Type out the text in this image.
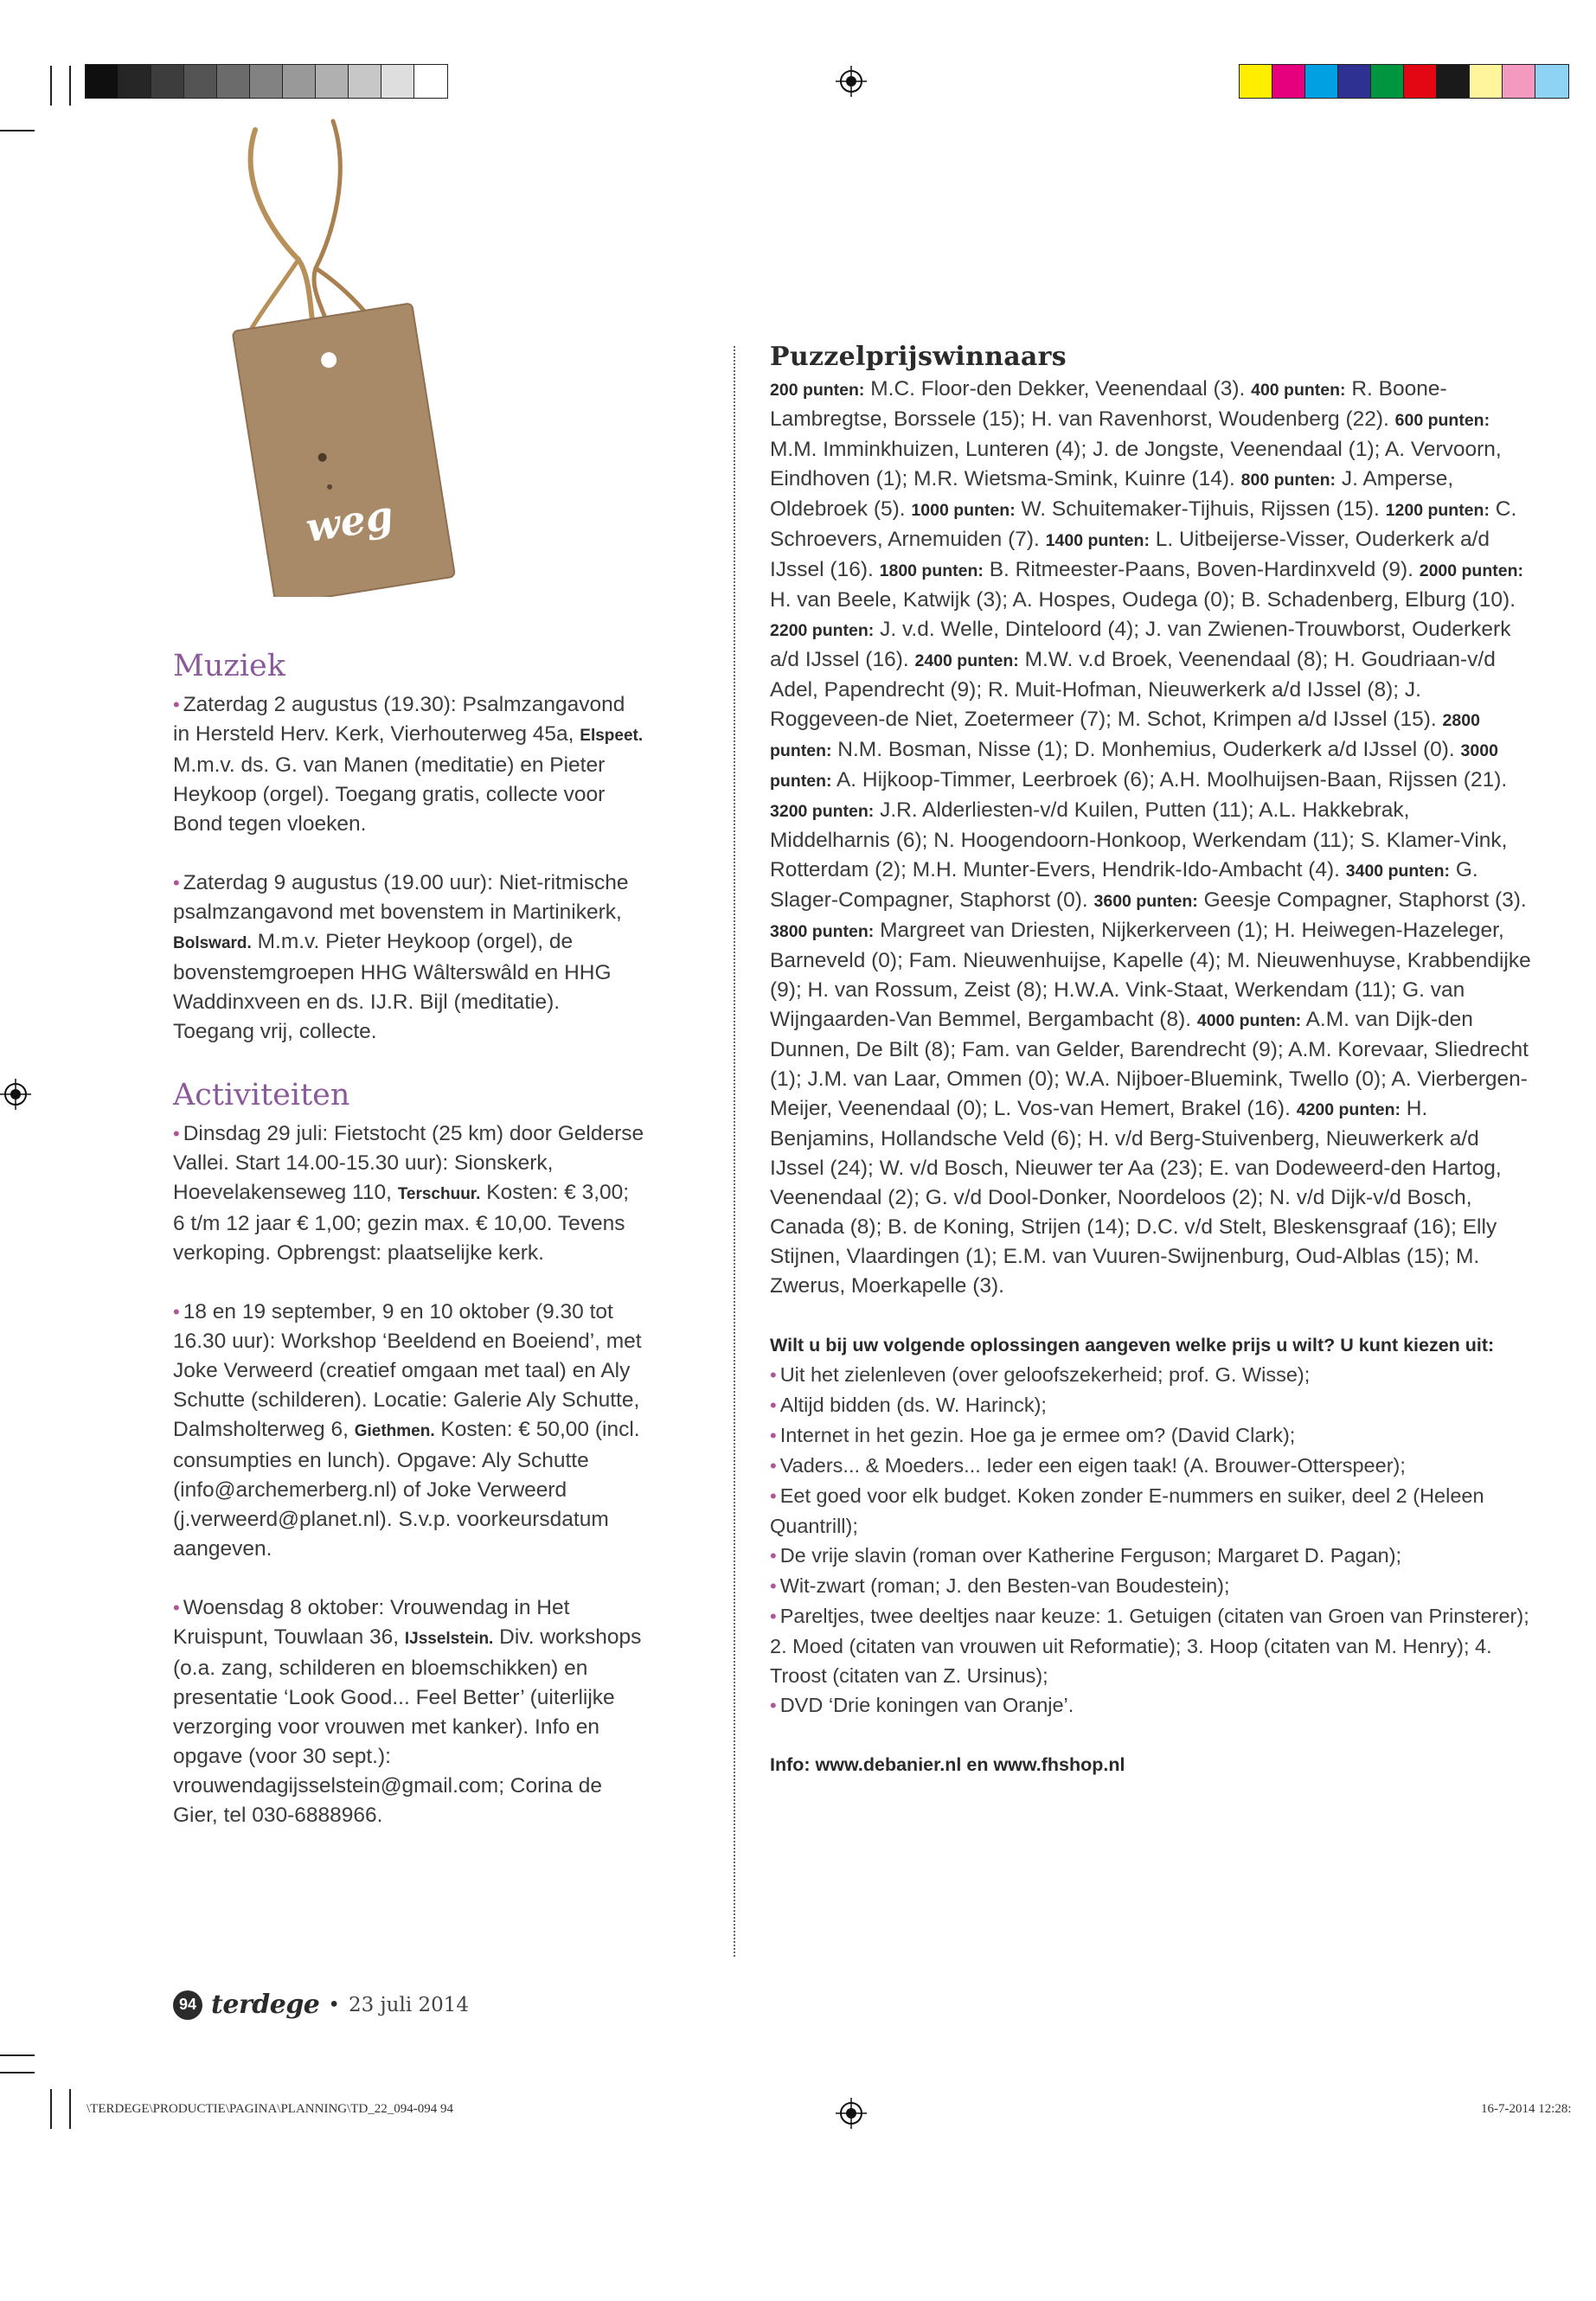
weg
Muziek

• Zaterdag 2 augustus (19.30): Psalmzangavond in Hersteld Herv. Kerk, Vierhouterweg 45a, Elspeet. M.m.v. ds. G. van Manen (meditatie) en Pieter Heykoop (orgel). Toegang gratis, collecte voor Bond tegen vloeken.

• Zaterdag 9 augustus (19.00 uur): Niet-ritmische psalmzangavond met bovenstem in Martinikerk, Bolsward. M.m.v. Pieter Heykoop (orgel), de bovenstemgroepen HHG Wâlterswâld en HHG Waddinxveen en ds. IJ.R. Bijl (meditatie). Toegang vrij, collecte.

Activiteiten

• Dinsdag 29 juli: Fietstocht (25 km) door Gelderse Vallei. Start 14.00-15.30 uur): Sionskerk, Hoevelakenseweg 110, Terschuur. Kosten: € 3,00; 6 t/m 12 jaar € 1,00; gezin max. € 10,00. Tevens verkoping. Opbrengst: plaatselijke kerk.

• 18 en 19 september, 9 en 10 oktober (9.30 tot 16.30 uur): Workshop ‘Beeldend en Boeiend’, met Joke Verweerd (creatief omgaan met taal) en Aly Schutte (schilderen). Locatie: Galerie Aly Schutte, Dalmsholterweg 6, Giethmen. Kosten: € 50,00 (incl. consumpties en lunch). Opgave: Aly Schutte (info@archemerberg.nl) of Joke Verweerd (j.verweerd@planet.nl). S.v.p. voorkeursdatum aangeven.

• Woensdag 8 oktober: Vrouwendag in Het Kruispunt, Touwlaan 36, IJsselstein. Div. workshops (o.a. zang, schilderen en bloemschikken) en presentatie ‘Look Good... Feel Better’ (uiterlijke verzorging voor vrouwen met kanker). Info en opgave (voor 30 sept.): vrouwendagijsselstein@gmail.com; Corina de Gier, tel 030-6888966.

Puzzelprijswinnaars
200 punten: M.C. Floor-den Dekker, Veenendaal (3). 400 punten: R. Boone-Lambregtse, Borssele (15); H. van Ravenhorst, Woudenberg (22). 600 punten: M.M. Imminkhuizen, Lunteren (4); J. de Jongste, Veenendaal (1); A. Vervoorn, Eindhoven (1); M.R. Wietsma-Smink, Kuinre (14). 800 punten: J. Amperse, Oldebroek (5). 1000 punten: W. Schuitemaker-Tijhuis, Rijssen (15). 1200 punten: C. Schroevers, Arnemuiden (7). 1400 punten: L. Uitbeijerse-Visser, Ouderkerk a/d IJssel (16). 1800 punten: B. Ritmeester-Paans, Boven-Hardinxveld (9). 2000 punten: H. van Beele, Katwijk (3); A. Hospes, Oudega (0); B. Schadenberg, Elburg (10). 2200 punten: J. v.d. Welle, Dinteloord (4); J. van Zwienen-Trouwborst, Ouderkerk a/d IJssel (16). 2400 punten: M.W. v.d Broek, Veenendaal (8); H. Goudriaan-v/d Adel, Papendrecht (9); R. Muit-Hofman, Nieuwerkerk a/d IJssel (8); J. Roggeveen-de Niet, Zoetermeer (7); M. Schot, Krimpen a/d IJssel (15). 2800 punten: N.M. Bosman, Nisse (1); D. Monhemius, Ouderkerk a/d IJssel (0). 3000 punten: A. Hijkoop-Timmer, Leerbroek (6); A.H. Moolhuijsen-Baan, Rijssen (21). 3200 punten: J.R. Alderliesten-v/d Kuilen, Putten (11); A.L. Hakkebrak, Middelharnis (6); N. Hoogendoorn-Honkoop, Werkendam (11); S. Klamer-Vink, Rotterdam (2); M.H. Munter-Evers, Hendrik-Ido-Ambacht (4). 3400 punten: G. Slager-Compagner, Staphorst (0). 3600 punten: Geesje Compagner, Staphorst (3). 3800 punten: Margreet van Driesten, Nijkerkerveen (1); H. Heiwegen-Hazeleger, Barneveld (0); Fam. Nieuwenhuijse, Kapelle (4); M. Nieuwenhuyse, Krabbendijke (9); H. van Rossum, Zeist (8); H.W.A. Vink-Staat, Werkendam (11); G. van Wijngaarden-Van Bemmel, Bergambacht (8). 4000 punten: A.M. van Dijk-den Dunnen, De Bilt (8); Fam. van Gelder, Barendrecht (9); A.M. Korevaar, Sliedrecht (1); J.M. van Laar, Ommen (0); W.A. Nijboer-Bluemink, Twello (0); A. Vierbergen-Meijer, Veenendaal (0); L. Vos-van Hemert, Brakel (16). 4200 punten: H. Benjamins, Hollandsche Veld (6); H. v/d Berg-Stuivenberg, Nieuwerkerk a/d IJssel (24); W. v/d Bosch, Nieuwer ter Aa (23); E. van Dodeweerd-den Hartog, Veenendaal (2); G. v/d Dool-Donker, Noordeloos (2); N. v/d Dijk-v/d Bosch, Canada (8); B. de Koning, Strijen (14); D.C. v/d Stelt, Bleskensgraaf (16); Elly Stijnen, Vlaardingen (1); E.M. van Vuuren-Swijnenburg, Oud-Alblas (15); M. Zwerus, Moerkapelle (3).
Wilt u bij uw volgende oplossingen aangeven welke prijs u wilt? U kunt kiezen uit:

• Uit het zielenleven (over geloofszekerheid; prof. G. Wisse);

• Altijd bidden (ds. W. Harinck);

• Internet in het gezin. Hoe ga je ermee om? (David Clark);

• Vaders... & Moeders... Ieder een eigen taak! (A. Brouwer-Otterspeer);

• Eet goed voor elk budget. Koken zonder E-nummers en suiker, deel 2 (Heleen Quantrill);

• De vrije slavin (roman over Katherine Ferguson; Margaret D. Pagan);

• Wit-zwart (roman; J. den Besten-van Boudestein);

• Pareltjes, twee deeltjes naar keuze: 1. Getuigen (citaten van Groen van Prinsterer); 2. Moed (citaten van vrouwen uit Reformatie); 3. Hoop (citaten van M. Henry); 4. Troost (citaten van Z. Ursinus);

• DVD ‘Drie koningen van Oranje’.

Info: www.debanier.nl en www.fhshop.nl
94 terdege • 23 juli 2014
\TERDEGE\PRODUCTIE\PAGINA\PLANNING\TD_22_094-094 94	16-7-2014 12:28:
